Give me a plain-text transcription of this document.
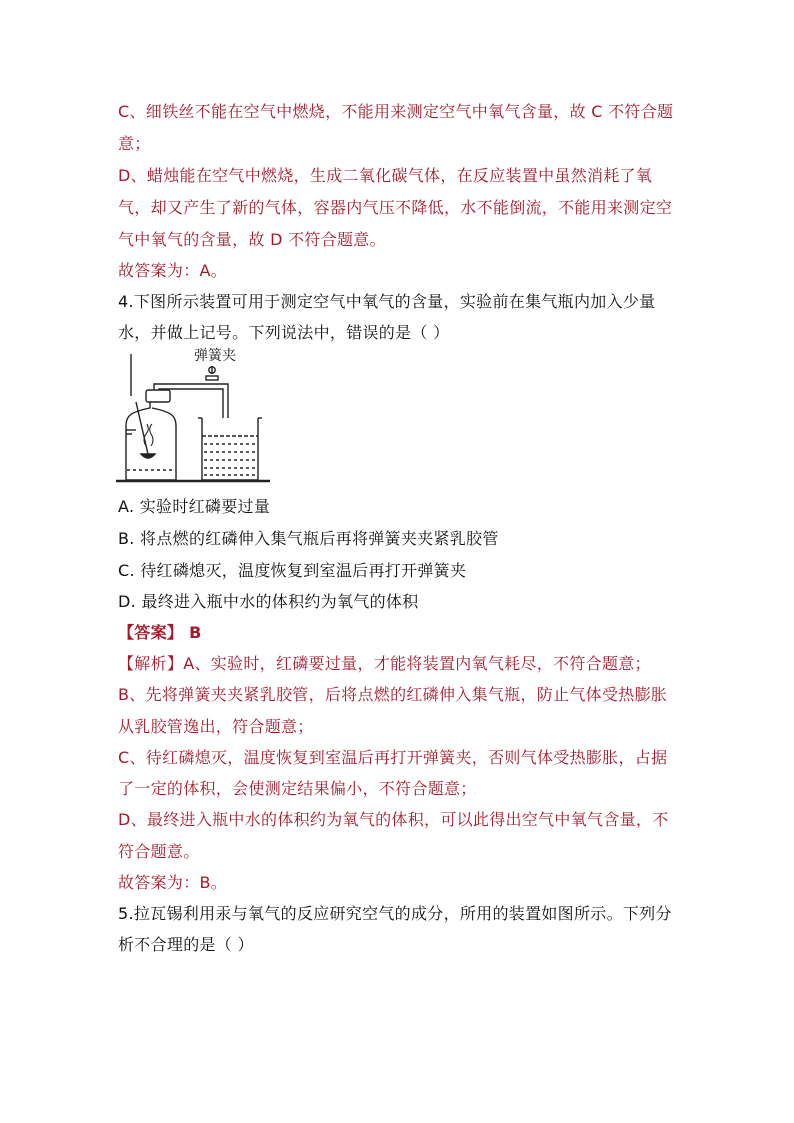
C、细铁丝不能在空气中燃烧，不能用来测定空气中氧气含量，故 C 不符合题
意；
D、蜡烛能在空气中燃烧，生成二氧化碳气体，在反应装置中虽然消耗了氧
气，却又产生了新的气体，容器内气压不降低，水不能倒流，不能用来测定空
气中氧气的含量，故 D 不符合题意。
故答案为：A。
4.下图所示装置可用于测定空气中氧气的含量，实验前在集气瓶内加入少量
水，并做上记号。下列说法中，错误的是（ ）
弹簧夹
A. 实验时红磷要过量
B. 将点燃的红磷伸入集气瓶后再将弹簧夹夹紧乳胶管
C. 待红磷熄灭，温度恢复到室温后再打开弹簧夹
D. 最终进入瓶中水的体积约为氧气的体积
【答案】 B
【解析】A、实验时，红磷要过量，才能将装置内氧气耗尽，不符合题意；
B、先将弹簧夹夹紧乳胶管，后将点燃的红磷伸入集气瓶，防止气体受热膨胀
从乳胶管逸出，符合题意；
C、待红磷熄灭，温度恢复到室温后再打开弹簧夹，否则气体受热膨胀，占据
了一定的体积，会使测定结果偏小，不符合题意；
D、最终进入瓶中水的体积约为氧气的体积，可以此得出空气中氧气含量，不
符合题意。
故答案为：B。
5.拉瓦锡利用汞与氧气的反应研究空气的成分，所用的装置如图所示。下列分
析不合理的是（ ）
